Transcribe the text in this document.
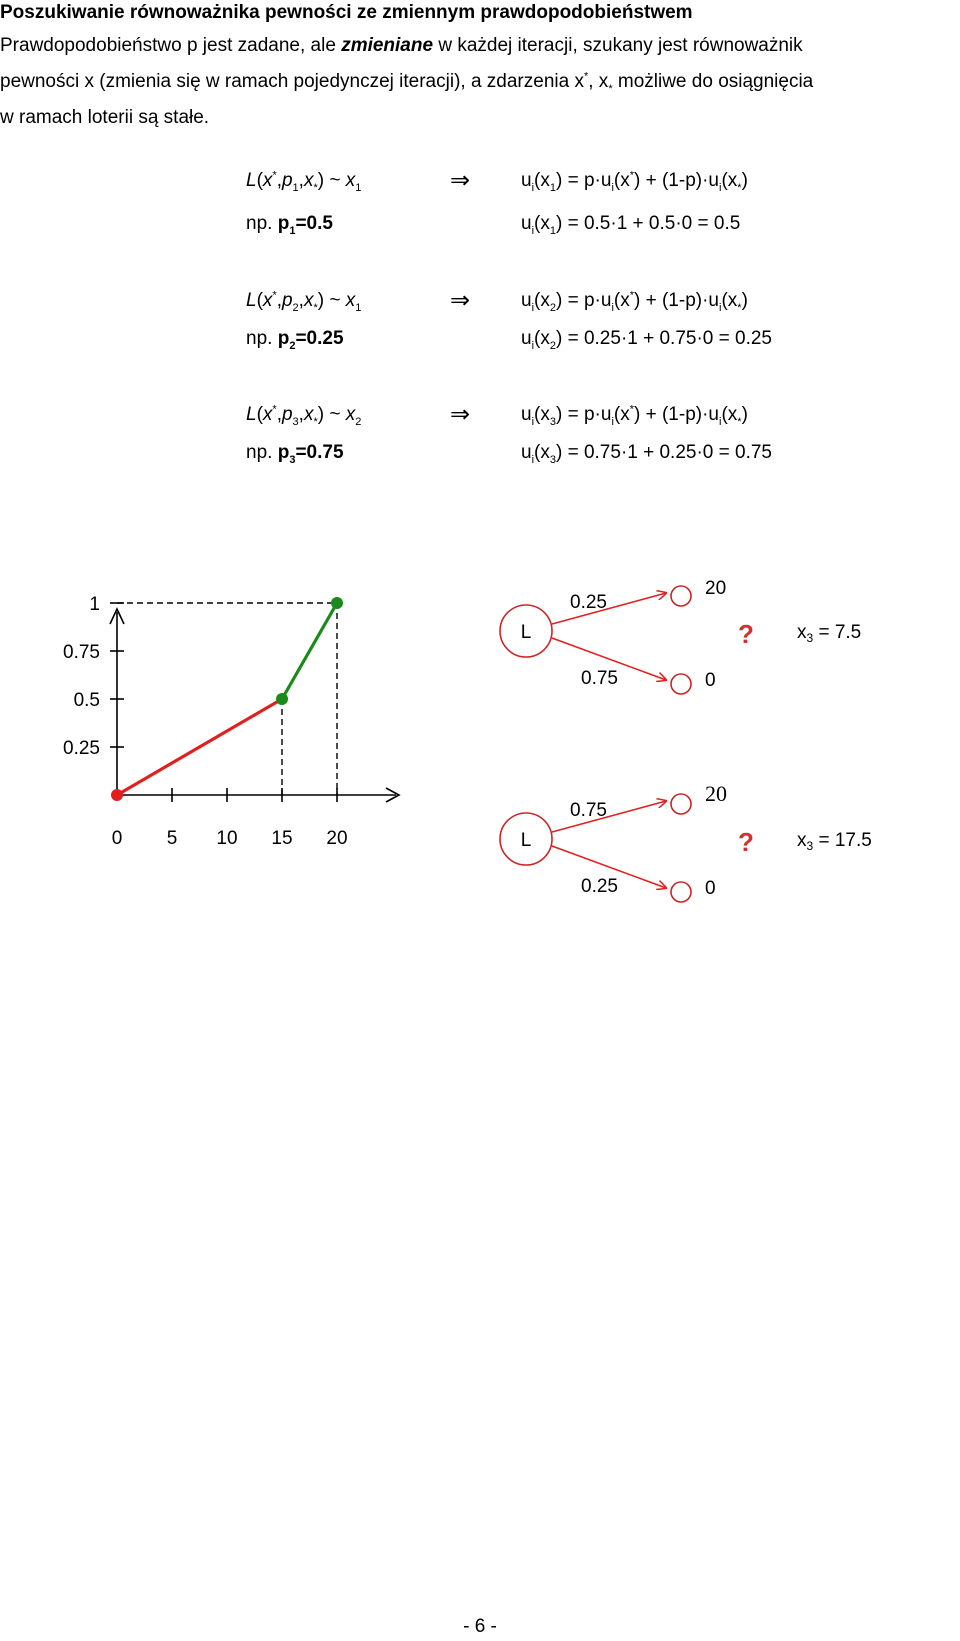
Poszukiwanie równoważnika pewności ze zmiennym prawdopodobieństwem
Prawdopodobieństwo p jest zadane, ale zmieniane w każdej iteracji, szukany jest równoważnik
pewności x (zmienia się w ramach pojedynczej iteracji), a zdarzenia x*, $x_*$ możliwe do osiągnięcia
w ramach loterii są stałe.
$L(x^*,p_1,x_*)$ ~ $x_1$	⇒	$u_i(x_1) = p\cdot u_i(x^*) + (1-p)\cdot u_i(x_*)$
np. $p_1=0.5$	$u_i(x_1) = 0.5\cdot 1 + 0.5\cdot 0 = 0.5$
$L(x^*,p_2,x_*)$ ~ $x_1$	⇒	$u_i(x_2) = p\cdot u_i(x^*) + (1-p)\cdot u_i(x_*)$
np. $p_2=0.25$	$u_i(x_2) = 0.25\cdot 1 + 0.75\cdot 0 = 0.25$
$L(x^*,p_3,x_*)$ ~ $x_2$	⇒	$u_i(x_3) = p\cdot u_i(x^*) + (1-p)\cdot u_i(x_*)$
np. $p_3=0.75$	$u_i(x_3) = 0.75\cdot 1 + 0.25\cdot 0 = 0.75$
0 5 10 15 20
1
0.75
0.5
0.25
L
0.25
0.75
20
0
? $x_3 = 7.5$
L
0.75
0.25
20
0
? $x_3 = 17.5$
- 6 -
